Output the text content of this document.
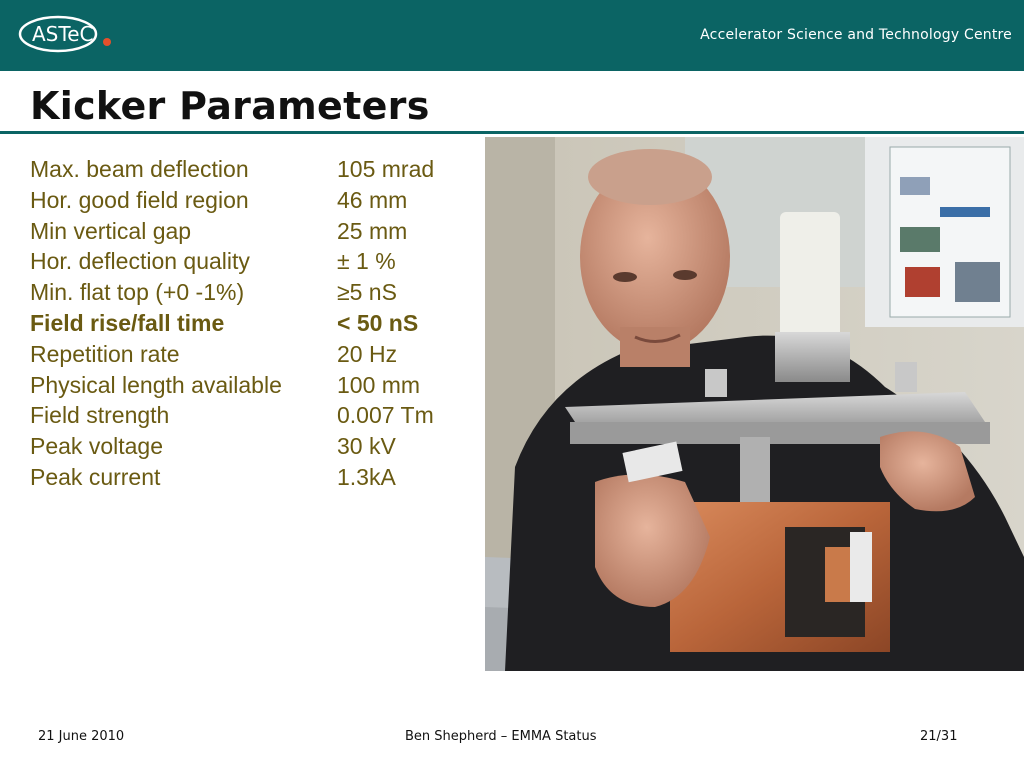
ASTeC	Accelerator Science and Technology Centre
Kicker Parameters
Max. beam deflection	105 mrad
Hor. good field region	46 mm
Min vertical gap	25 mm
Hor. deflection quality	± 1 %
Min. flat top (+0 -1%)	≥5 nS
Field rise/fall time	< 50 nS
Repetition rate	20 Hz
Physical length available 100 mm
Field strength	0.007 Tm
Peak voltage	30 kV
Peak current	1.3kA
21 June 2010	Ben Shepherd – EMMA Status	21/31
